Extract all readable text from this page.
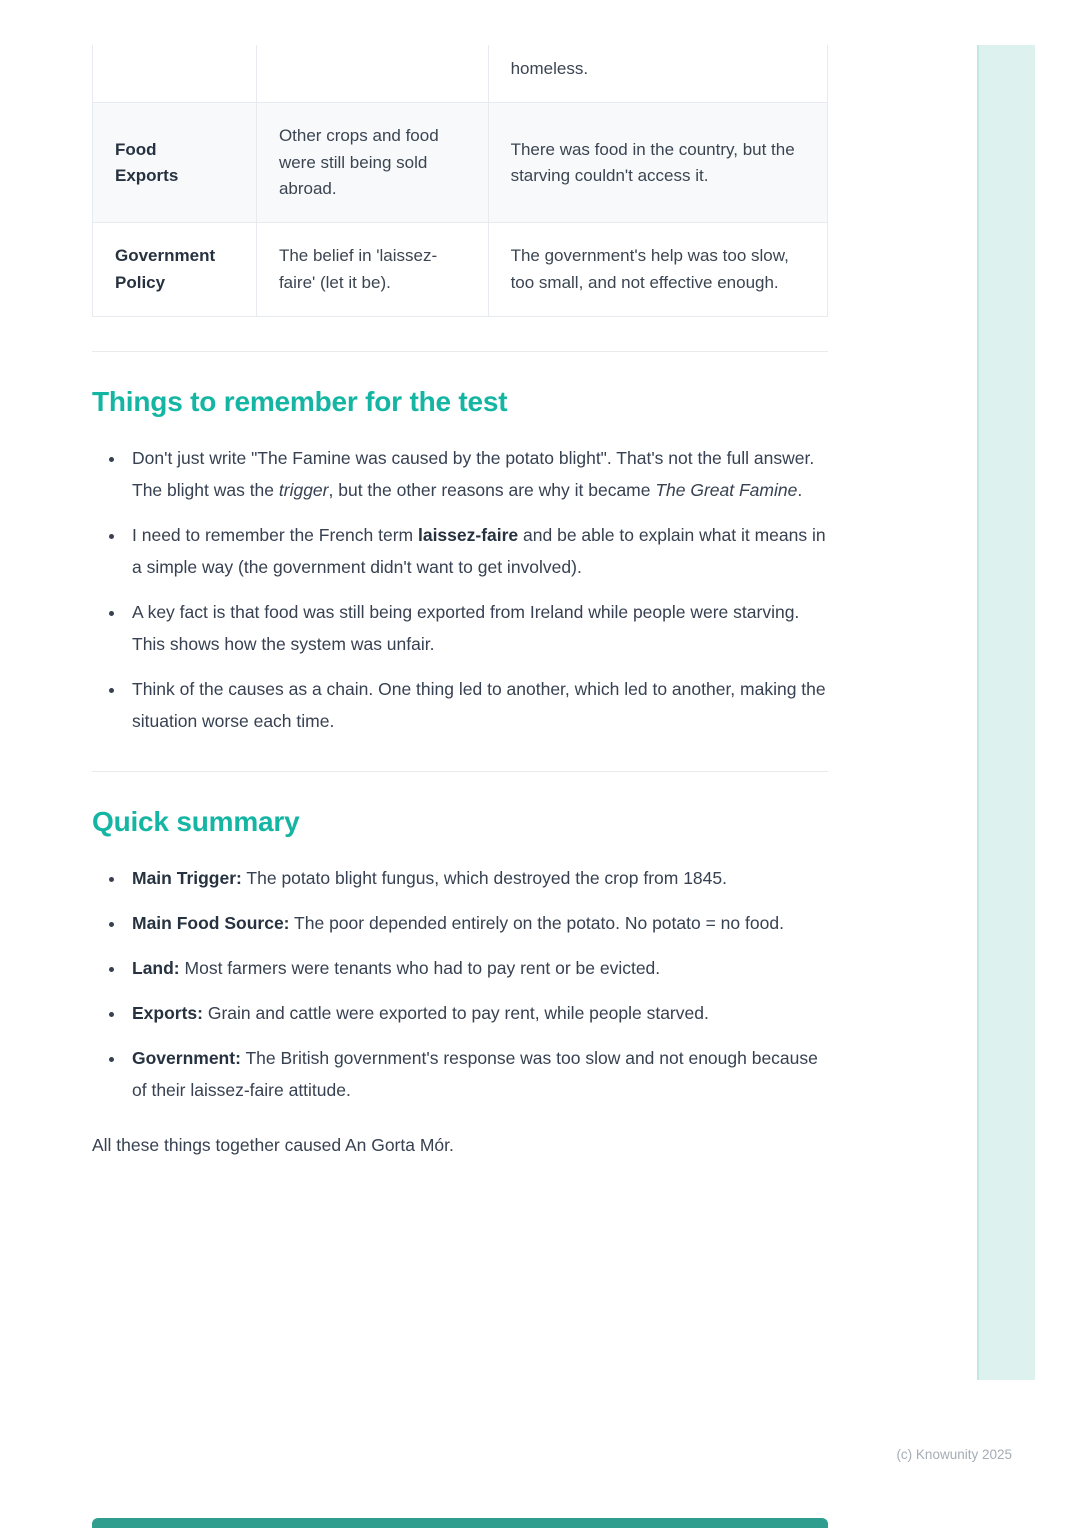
		homeless.
Food Exports	Other crops and food were still being sold abroad.	There was food in the country, but the starving couldn't access it.
Government Policy	The belief in 'laissez-faire' (let it be).	The government's help was too slow, too small, and not effective enough.
Things to remember for the test
• Don't just write "The Famine was caused by the potato blight". That's not the full answer. The blight was the trigger, but the other reasons are why it became The Great Famine.
• I need to remember the French term laissez-faire and be able to explain what it means in a simple way (the government didn't want to get involved).
• A key fact is that food was still being exported from Ireland while people were starving. This shows how the system was unfair.
• Think of the causes as a chain. One thing led to another, which led to another, making the situation worse each time.
Quick summary
• Main Trigger: The potato blight fungus, which destroyed the crop from 1845.
• Main Food Source: The poor depended entirely on the potato. No potato = no food.
• Land: Most farmers were tenants who had to pay rent or be evicted.
• Exports: Grain and cattle were exported to pay rent, while people starved.
• Government: The British government's response was too slow and not enough because of their laissez-faire attitude.

All these things together caused An Gorta Mór.

(c) Knowunity 2025
